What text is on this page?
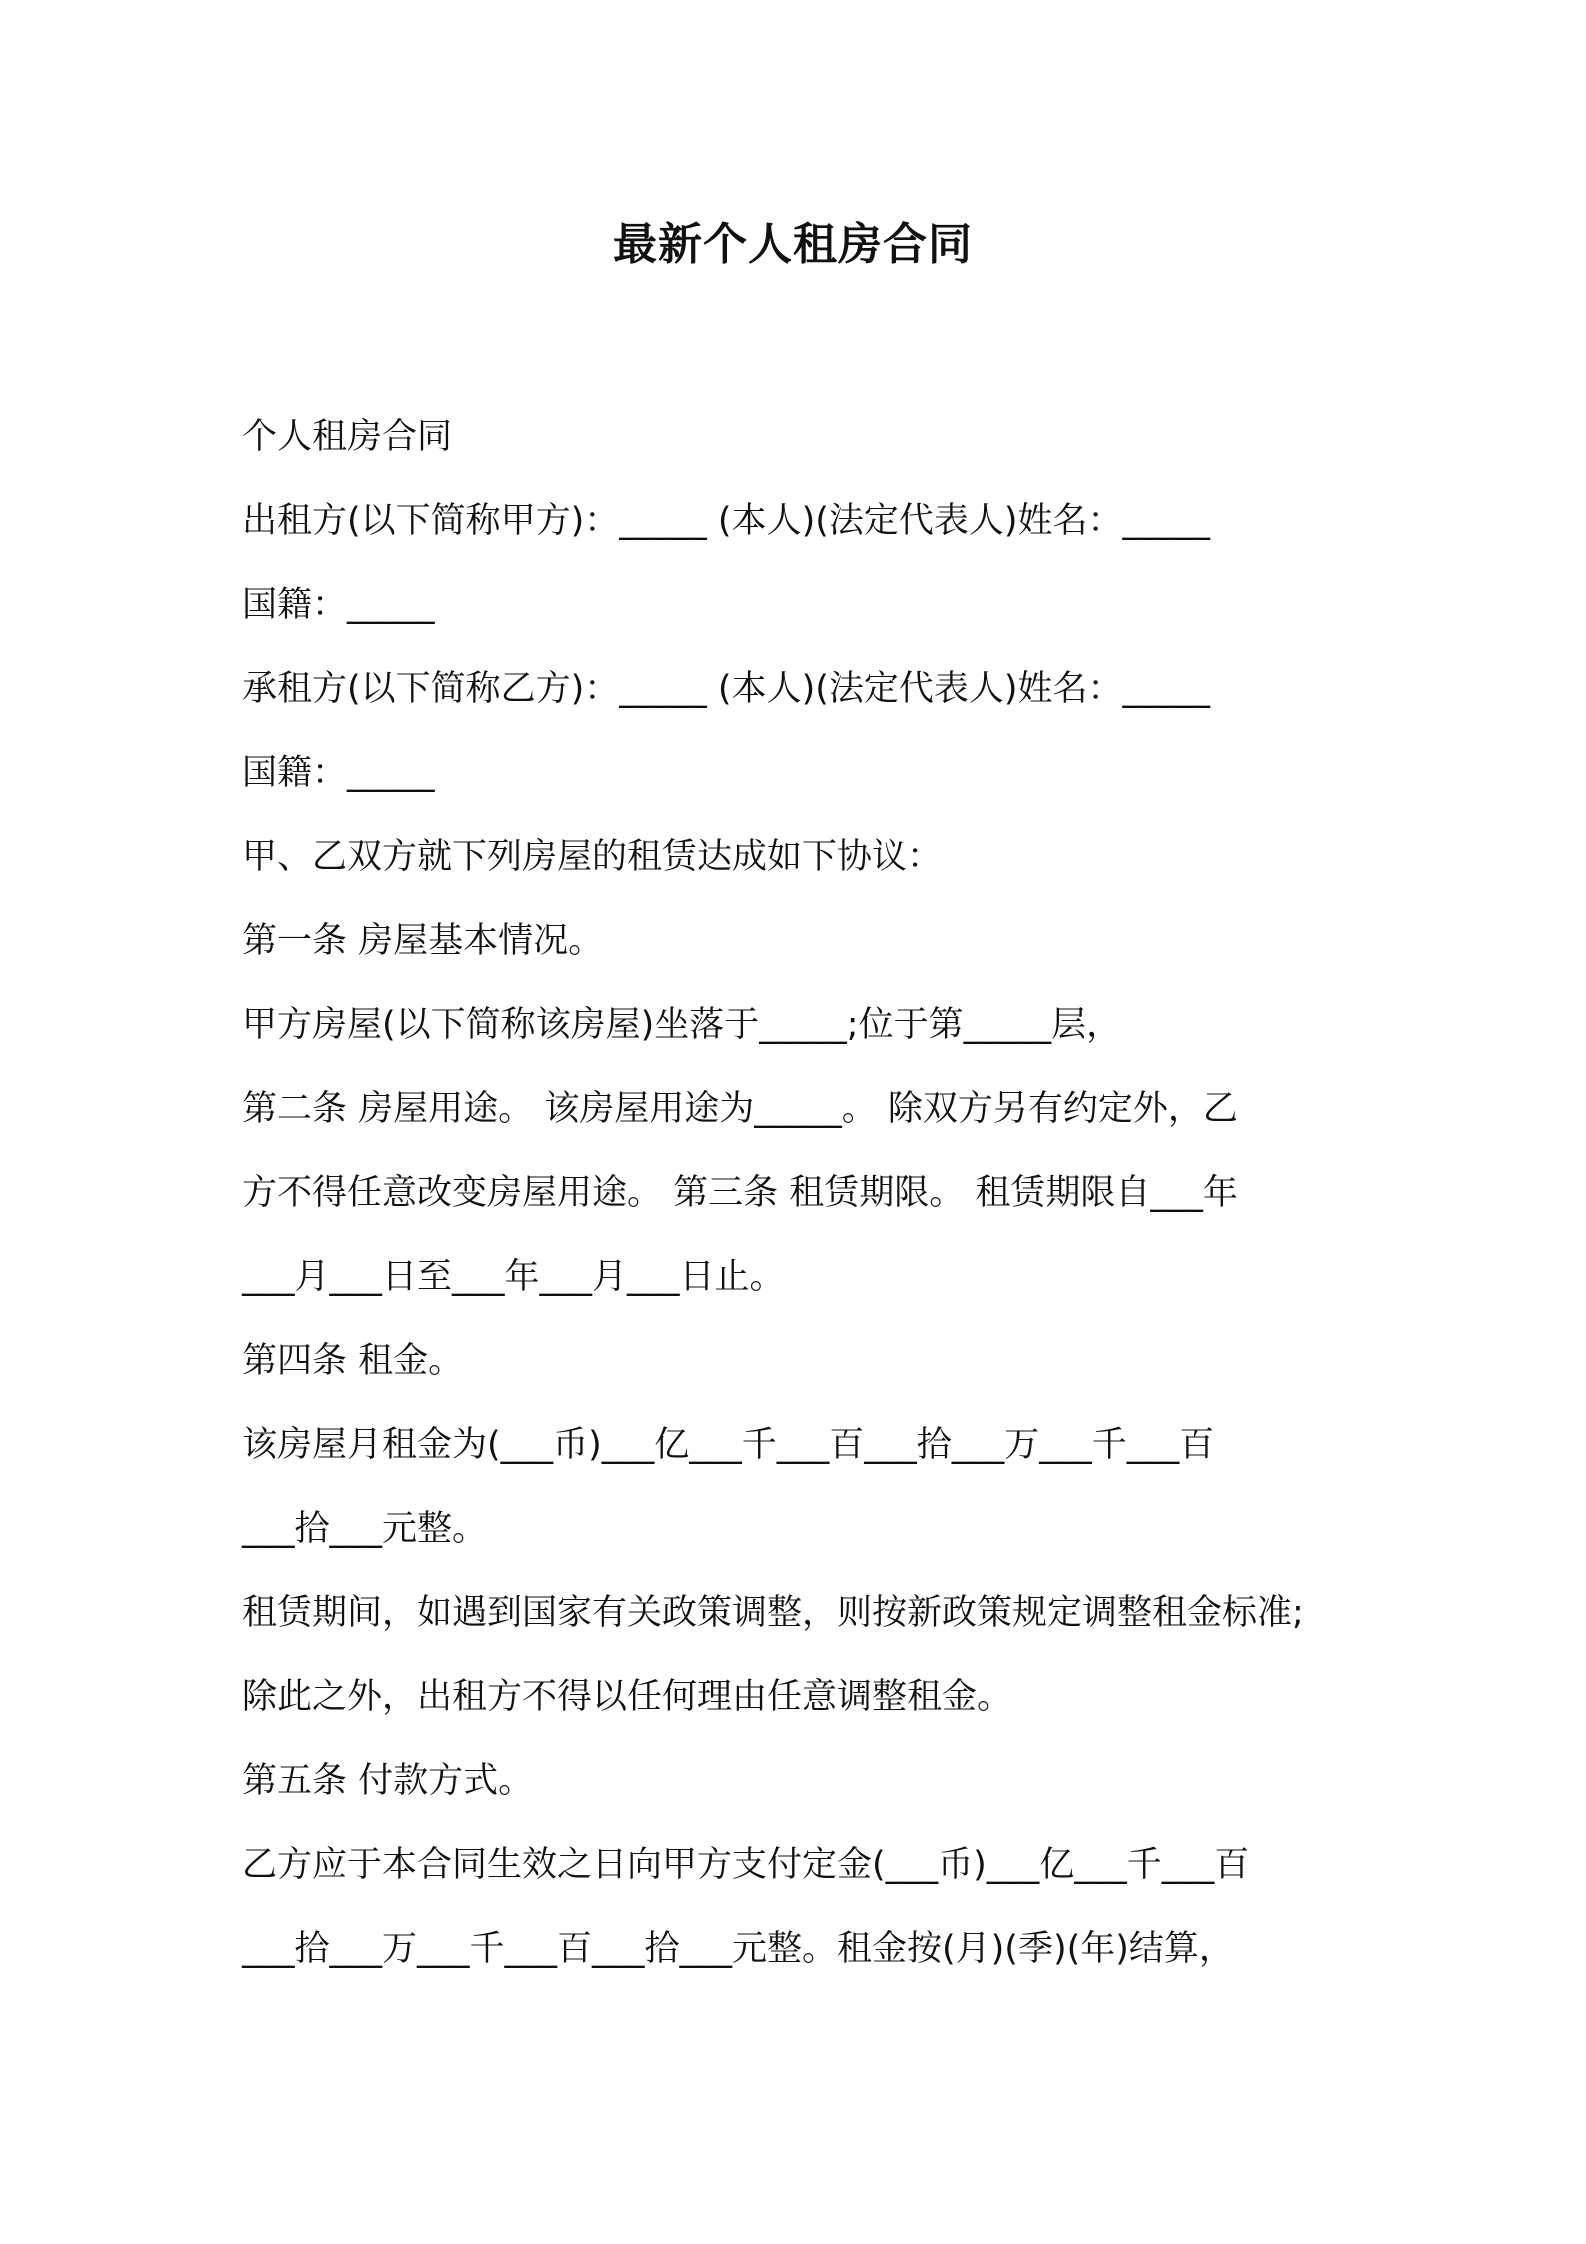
最新个人租房合同

个人租房合同

出租方(以下简称甲方)：_____ (本人)(法定代表人)姓名：_____

国籍：_____

承租方(以下简称乙方)：_____ (本人)(法定代表人)姓名：_____

国籍：_____

甲、乙双方就下列房屋的租赁达成如下协议：

第一条 房屋基本情况。

甲方房屋(以下简称该房屋)坐落于_____;位于第_____层，

第二条 房屋用途。 该房屋用途为_____。 除双方另有约定外，乙

方不得任意改变房屋用途。 第三条 租赁期限。 租赁期限自___年

___月___日至___年___月___日止。

第四条 租金。

该房屋月租金为(___币)___亿___千___百___拾___万___千___百

___拾___元整。

租赁期间，如遇到国家有关政策调整，则按新政策规定调整租金标准;

除此之外，出租方不得以任何理由任意调整租金。

第五条 付款方式。

乙方应于本合同生效之日向甲方支付定金(___币)___亿___千___百

___拾___万___千___百___拾___元整。租金按(月)(季)(年)结算，
